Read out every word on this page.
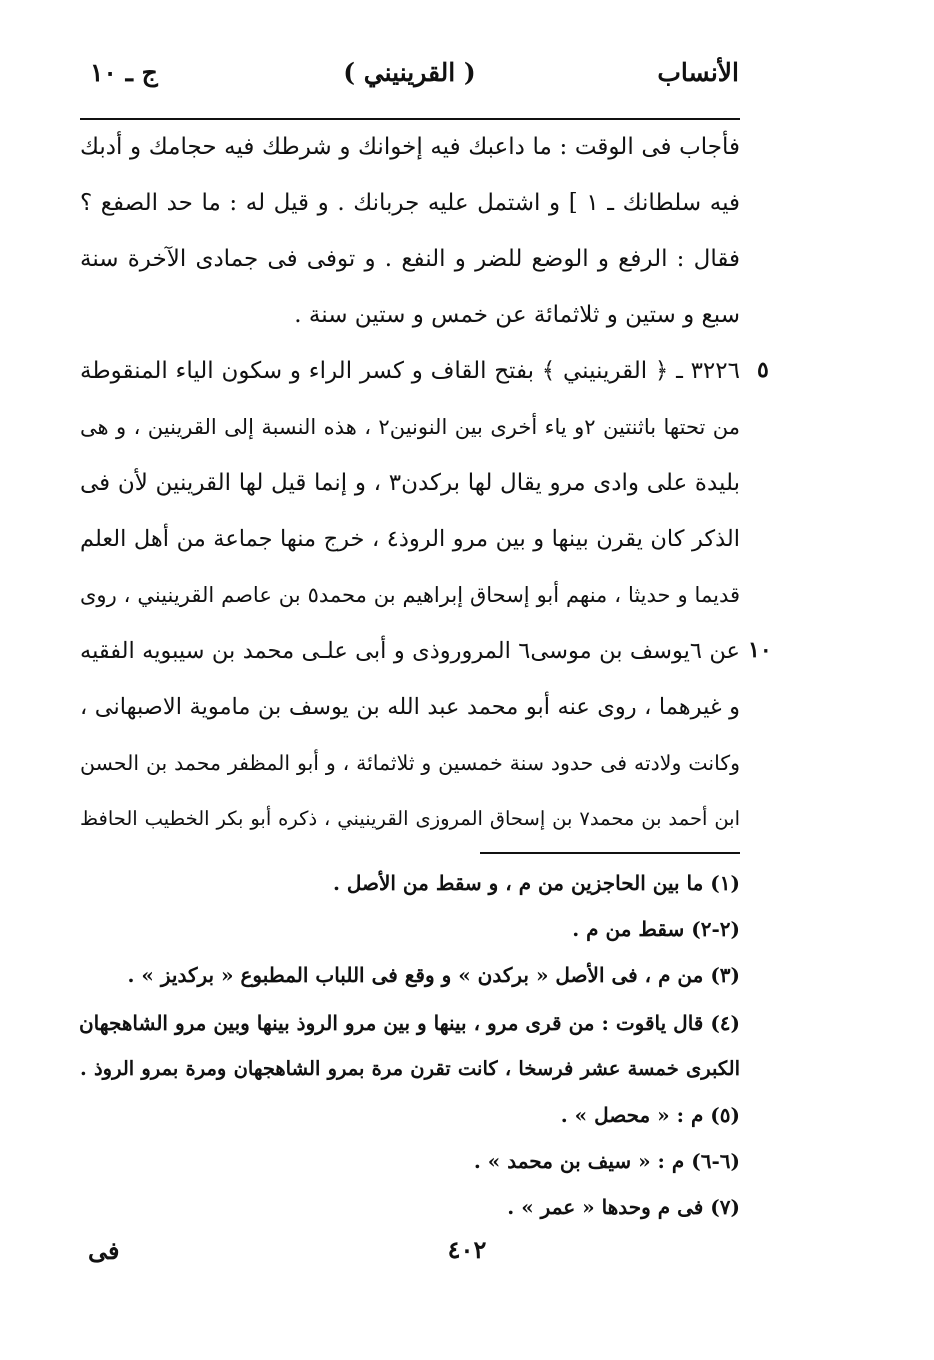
الأنساب
( القرينيني )
ج ـ ١٠
فأجاب فى الوقت : ما داعبك فيه إخوانك و شرطك فيه حجامك و أدبك
فيه سلطانك ـ ١ ] و اشتمل عليه جربانك . و قيل له : ما حد الصفع ؟
فقال : الرفع و الوضع للضر و النفع . و توفى فى جمادى الآخرة سنة
سبع و ستين و ثلاثمائة عن خمس و ستين سنة .
٣٢٢٦ ـ ﴿ القرينيني ﴾ بفتح القاف و كسر الراء و سكون الياء المنقوطة
من تحتها باثنتين ٢و ياء أخرى بين النونين٢ ، هذه النسبة إلى القرينين ، و هى
بليدة على وادى مرو يقال لها بركدن٣ ، و إنما قيل لها القرينين لأن فى
الذكر كان يقرن بينها و بين مرو الروذ٤ ، خرج منها جماعة من أهل العلم
قديما و حديثا ، منهم أبو إسحاق إبراهيم بن محمد٥ بن عاصم القرينيني ، روى
عن ٦يوسف بن موسى٦ المروروذى و أبى علـى محمد بن سيبويه الفقيه
و غيرهما ، روى عنه أبو محمد عبد الله بن يوسف بن ماموية الاصبهانى ،
وكانت ولادته فى حدود سنة خمسين و ثلاثمائة ، و أبو المظفر محمد بن الحسن
ابن أحمد بن محمد٧ بن إسحاق المروزى القرينيني ، ذكره أبو بكر الخطيب الحافظ
٥
١٠
(١) ما بين الحاجزين من م ، و سقط من الأصل .
(٢-٢) سقط من م .
(٣) من م ، فى الأصل « بركدن » و وقع فى اللباب المطبوع « بركديز » .
(٤) قال ياقوت : من قرى مرو ، بينها و بين مرو الروذ بينها وبين مرو الشاهجهان
الكبرى خمسة عشر فرسخا ، كانت تقرن مرة بمرو الشاهجهان ومرة بمرو الروذ .
(٥) م : « محصل » .
(٦-٦) م : « سيف بن محمد » .
(٧) فى م وحدها « عمر » .
٤٠٢
فى
